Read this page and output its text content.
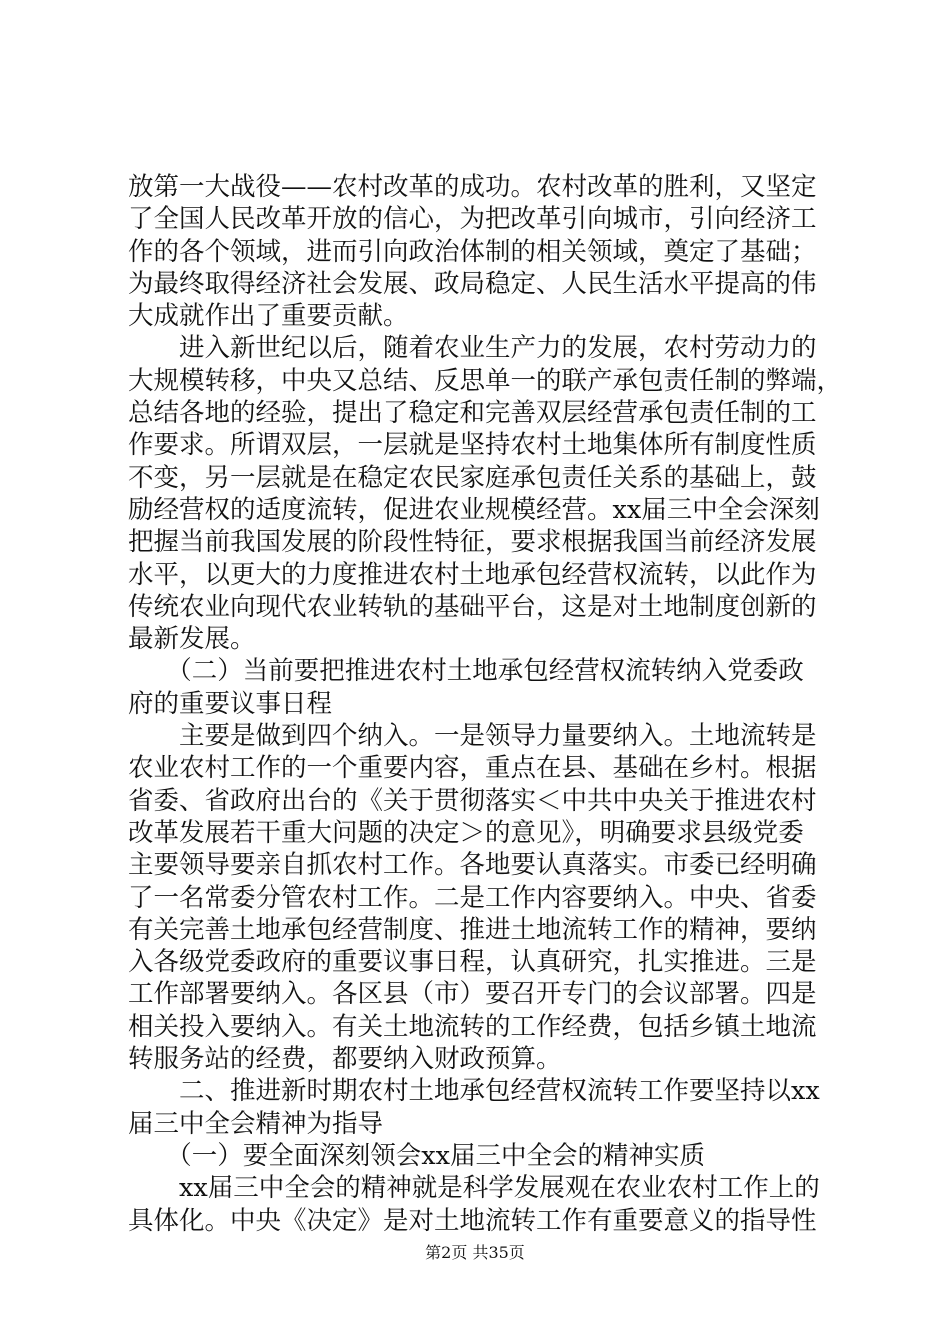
放第一大战役——农村改革的成功。农村改革的胜利，又坚定
了全国人民改革开放的信心，为把改革引向城市，引向经济工
作的各个领域，进而引向政治体制的相关领域，奠定了基础；
为最终取得经济社会发展、政局稳定、人民生活水平提高的伟
大成就作出了重要贡献。
　　进入新世纪以后，随着农业生产力的发展，农村劳动力的
大规模转移，中央又总结、反思单一的联产承包责任制的弊端，
总结各地的经验，提出了稳定和完善双层经营承包责任制的工
作要求。所谓双层，一层就是坚持农村土地集体所有制度性质
不变，另一层就是在稳定农民家庭承包责任关系的基础上，鼓
励经营权的适度流转，促进农业规模经营。xx届三中全会深刻
把握当前我国发展的阶段性特征，要求根据我国当前经济发展
水平，以更大的力度推进农村土地承包经营权流转，以此作为
传统农业向现代农业转轨的基础平台，这是对土地制度创新的
最新发展。
　　（二）当前要把推进农村土地承包经营权流转纳入党委政
府的重要议事日程
　　主要是做到四个纳入。一是领导力量要纳入。土地流转是
农业农村工作的一个重要内容，重点在县、基础在乡村。根据
省委、省政府出台的《关于贯彻落实＜中共中央关于推进农村
改革发展若干重大问题的决定＞的意见》，明确要求县级党委
主要领导要亲自抓农村工作。各地要认真落实。市委已经明确
了一名常委分管农村工作。二是工作内容要纳入。中央、省委
有关完善土地承包经营制度、推进土地流转工作的精神，要纳
入各级党委政府的重要议事日程，认真研究，扎实推进。三是
工作部署要纳入。各区县（市）要召开专门的会议部署。四是
相关投入要纳入。有关土地流转的工作经费，包括乡镇土地流
转服务站的经费，都要纳入财政预算。
　　二、推进新时期农村土地承包经营权流转工作要坚持以xx
届三中全会精神为指导
　　（一）要全面深刻领会xx届三中全会的精神实质
　　xx届三中全会的精神就是科学发展观在农业农村工作上的
具体化。中央《决定》是对土地流转工作有重要意义的指导性
第2页 共35页
